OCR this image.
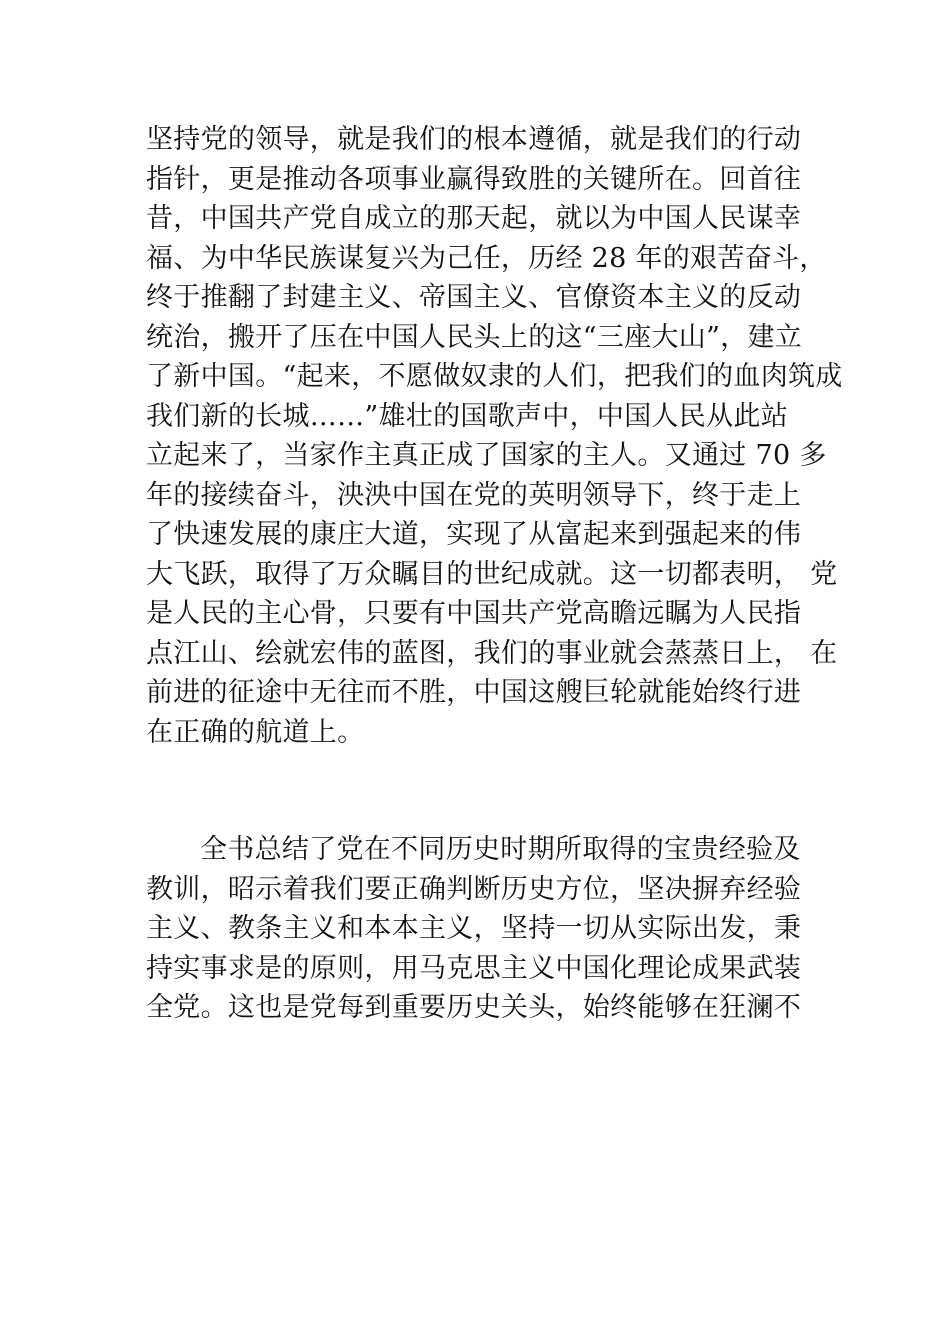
坚持党的领导，就是我们的根本遵循，就是我们的行动
指针，更是推动各项事业赢得致胜的关键所在。回首往
昔，中国共产党自成立的那天起，就以为中国人民谋幸
福、为中华民族谋复兴为己任，历经 28 年的艰苦奋斗，
终于推翻了封建主义、帝国主义、官僚资本主义的反动
统治，搬开了压在中国人民头上的这“三座大山”，建立
了新中国。“起来，不愿做奴隶的人们，把我们的血肉筑成
我们新的长城……”雄壮的国歌声中，中国人民从此站
立起来了，当家作主真正成了国家的主人。又通过 70 多
年的接续奋斗，泱泱中国在党的英明领导下，终于走上
了快速发展的康庄大道，实现了从富起来到强起来的伟
大飞跃，取得了万众瞩目的世纪成就。这一切都表明， 党
是人民的主心骨，只要有中国共产党高瞻远瞩为人民指
点江山、绘就宏伟的蓝图，我们的事业就会蒸蒸日上， 在
前进的征途中无往而不胜，中国这艘巨轮就能始终行进
在正确的航道上。

全书总结了党在不同历史时期所取得的宝贵经验及
教训，昭示着我们要正确判断历史方位，坚决摒弃经验
主义、教条主义和本本主义，坚持一切从实际出发，秉
持实事求是的原则，用马克思主义中国化理论成果武装
全党。这也是党每到重要历史关头，始终能够在狂澜不
